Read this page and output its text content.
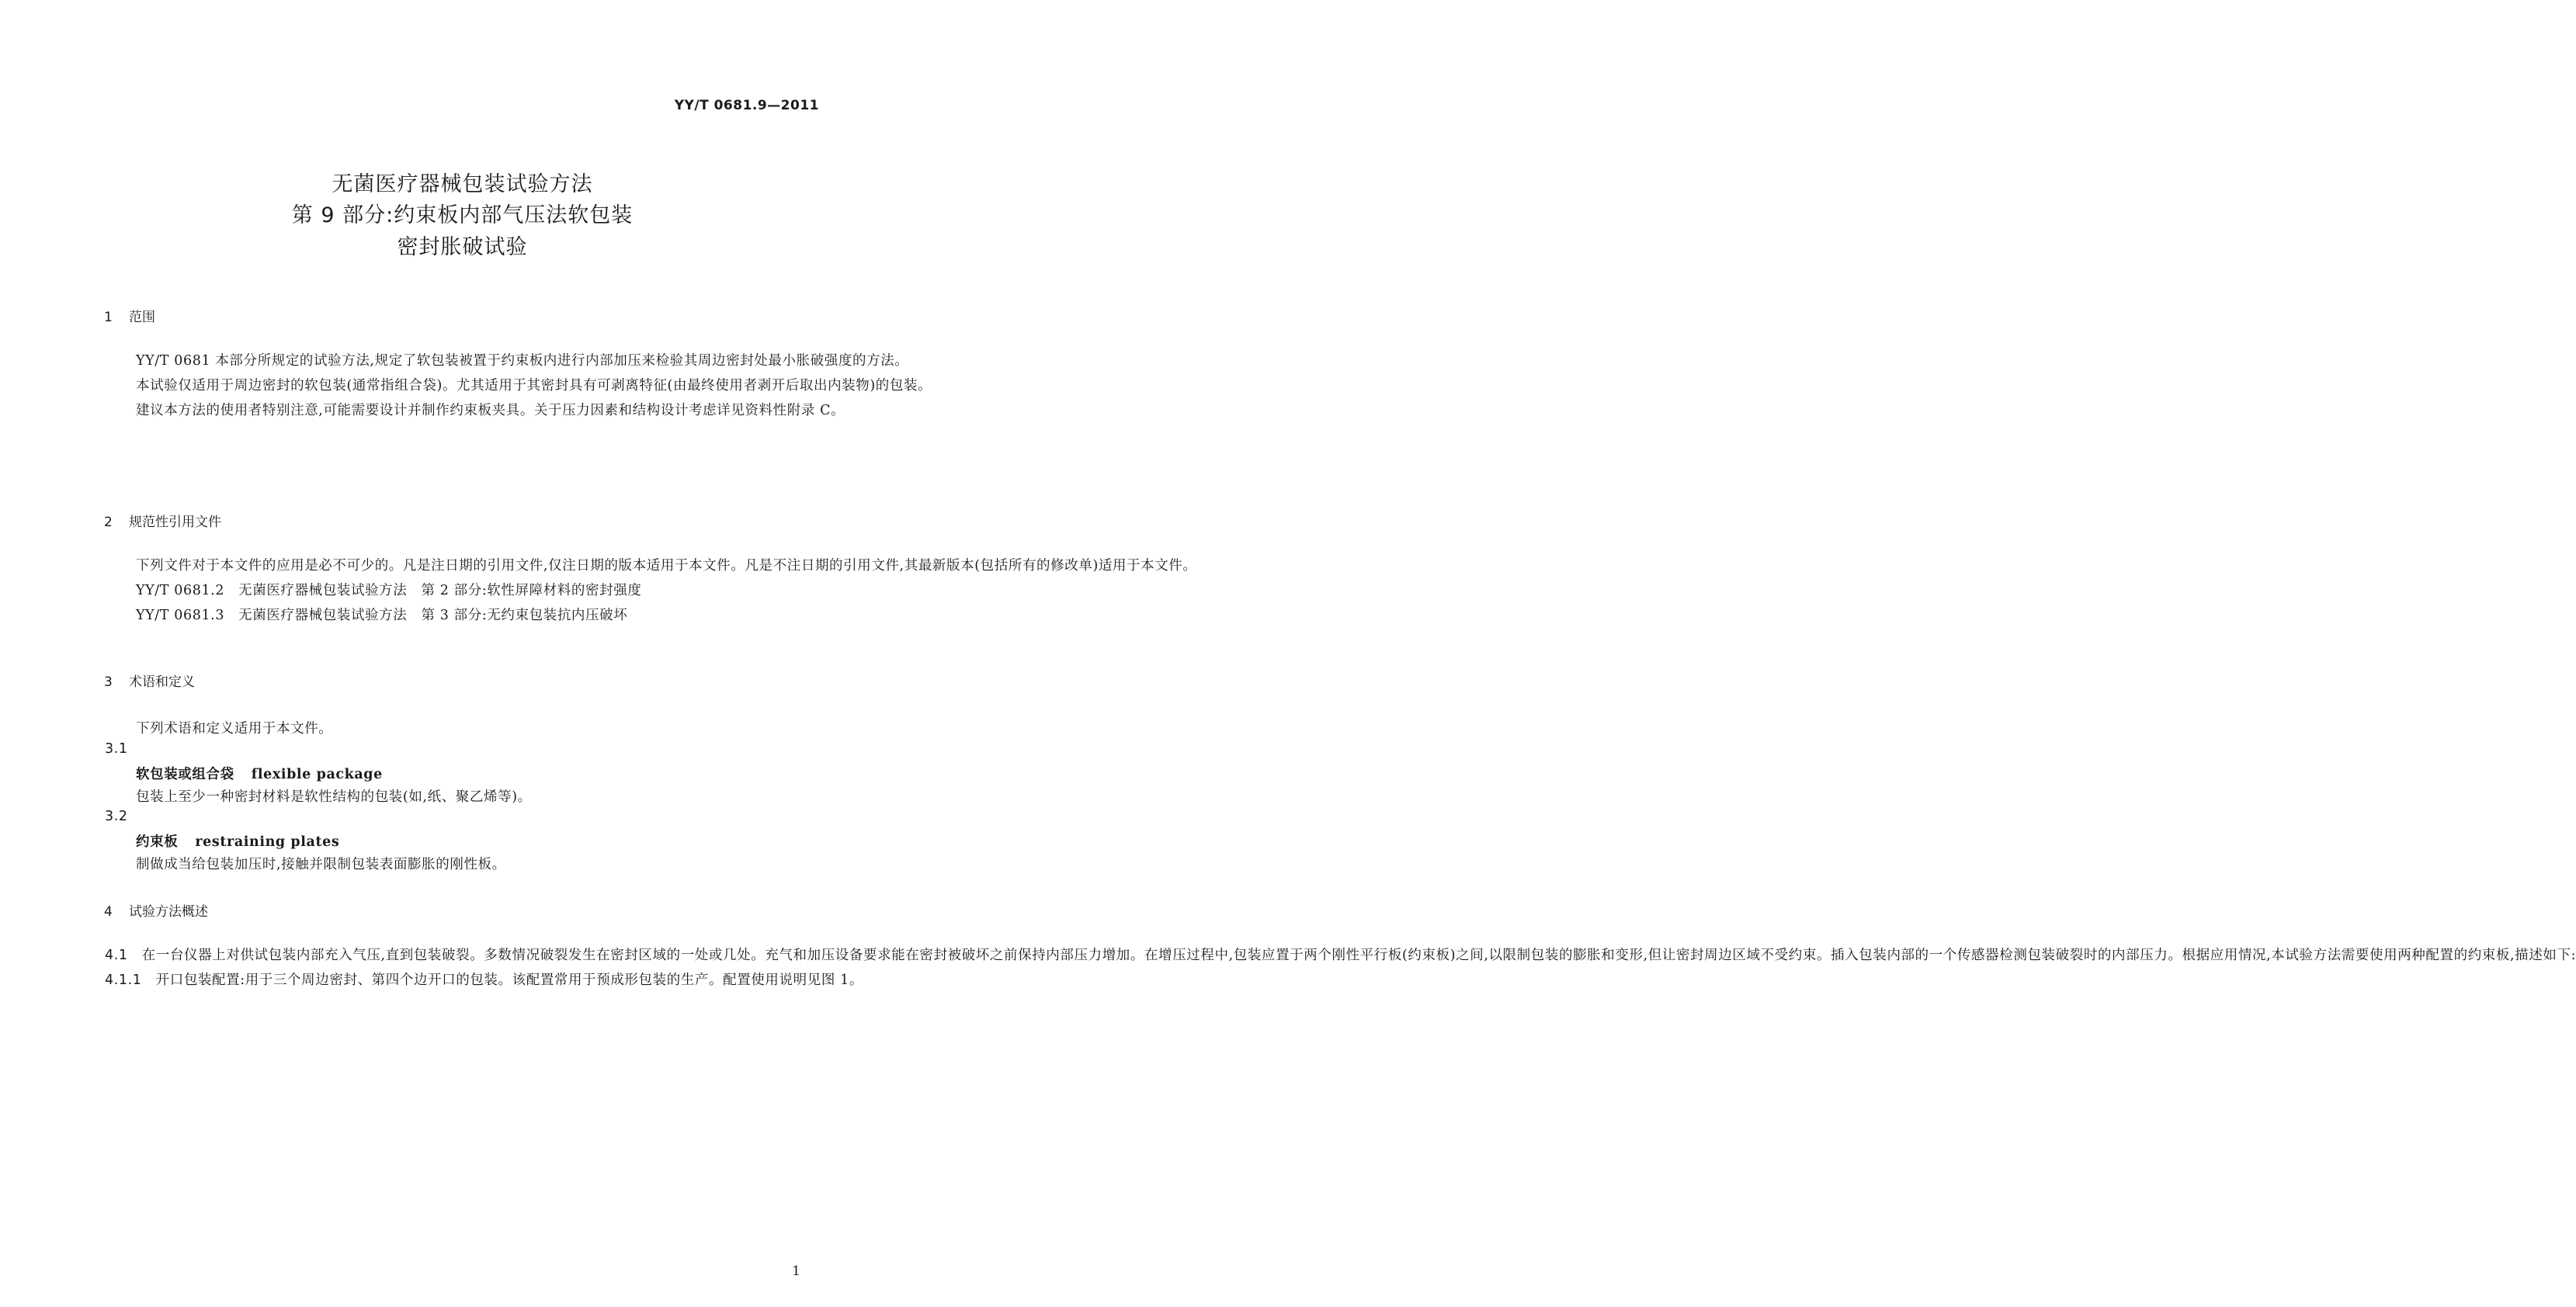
YY/T 0681.9—2011
无菌医疗器械包装试验方法
第 9 部分:约束板内部气压法软包装
密封胀破试验
1 范围

YY/T 0681 本部分所规定的试验方法,规定了软包装被置于约束板内进行内部加压来检验其周边密封处最小胀破强度的方法。

本试验仅适用于周边密封的软包装(通常指组合袋)。尤其适用于其密封具有可剥离特征(由最终使用者剥开后取出内装物)的包装。

建议本方法的使用者特别注意,可能需要设计并制作约束板夹具。关于压力因素和结构设计考虑详见资料性附录 C。

2 规范性引用文件

下列文件对于本文件的应用是必不可少的。凡是注日期的引用文件,仅注日期的版本适用于本文件。凡是不注日期的引用文件,其最新版本(包括所有的修改单)适用于本文件。

YY/T 0681.2　无菌医疗器械包装试验方法　第 2 部分:软性屏障材料的密封强度

YY/T 0681.3　无菌医疗器械包装试验方法　第 3 部分:无约束包装抗内压破坏

3 术语和定义
下列术语和定义适用于本文件。
3.1
软包装或组合袋 flexible package
包装上至少一种密封材料是软性结构的包装(如,纸、聚乙烯等)。
3.2
约束板 restraining plates
制做成当给包装加压时,接触并限制包装表面膨胀的刚性板。
4 试验方法概述

4.1　 在一台仪器上对供试包装内部充入气压,直到包装破裂。多数情况破裂发生在密封区域的一处或几处。充气和加压设备要求能在密封被破坏之前保持内部压力增加。在增压过程中,包装应置于两个刚性平行板(约束板)之间,以限制包装的膨胀和变形,但让密封周边区域不受约束。插入包装内部的一个传感器检测包装破裂时的内部压力。根据应用情况,本试验方法需要使用两种配置的约束板,描述如下:

4.1.1　 开口包装配置:用于三个周边密封、第四个边开口的包装。该配置常用于预成形包装的生产。配置使用说明见图 1。

1
